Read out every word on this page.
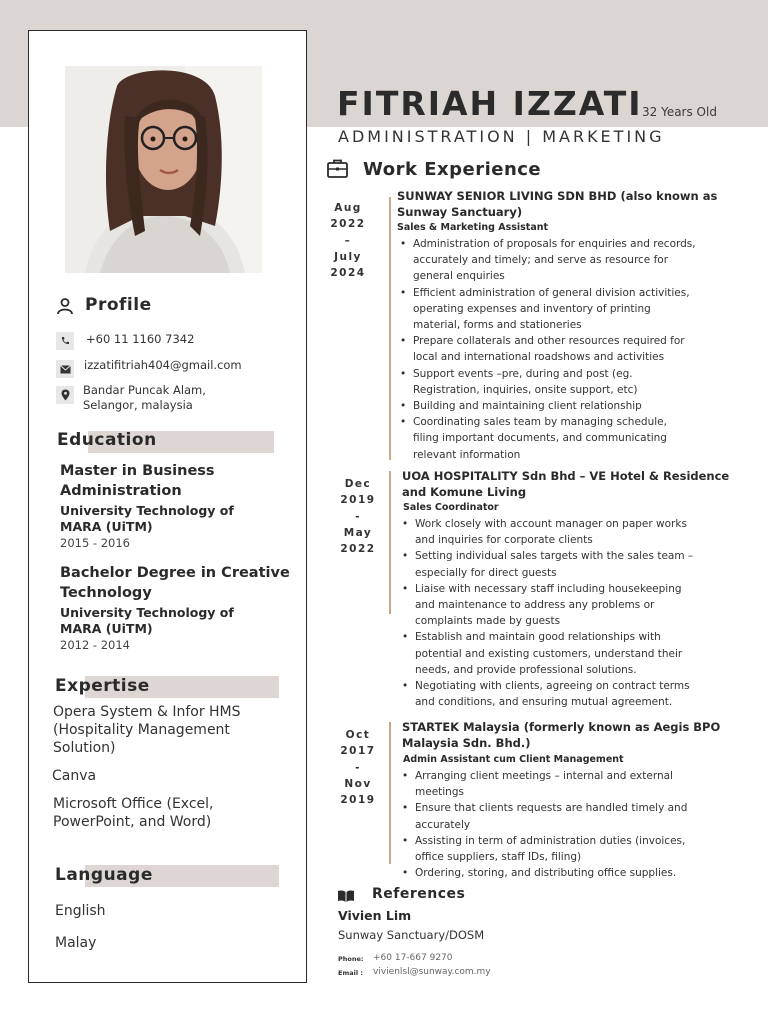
FITRIAH IZZATI 32 Years Old
ADMINISTRATION | MARKETING
Profile
+60 11 1160 7342
izzatifitriah404@gmail.com
Bandar Puncak Alam,
Selangor, malaysia
Education
Master in Business
Administration
University Technology of
MARA (UiTM)
2015 - 2016
Bachelor Degree in Creative
Technology
University Technology of
MARA (UiTM)
2012 - 2014
Expertise
Opera System & Infor HMS
(Hospitality Management
Solution)
Canva
Microsoft Office (Excel,
PowerPoint, and Word)
Language
English
Malay
Work Experience
Aug
2022
–
July
2024
SUNWAY SENIOR LIVING SDN BHD (also known as
Sunway Sanctuary)
Sales & Marketing Assistant
• Administration of proposals for enquiries and records,
accurately and timely; and serve as resource for
general enquiries
• Efficient administration of general division activities,
operating expenses and inventory of printing
material, forms and stationeries
• Prepare collaterals and other resources required for
local and international roadshows and activities
• Support events –pre, during and post (eg.
Registration, inquiries, onsite support, etc)
• Building and maintaining client relationship
• Coordinating sales team by managing schedule,
filing important documents, and communicating
relevant information
Dec
2019
-
May
2022
UOA HOSPITALITY Sdn Bhd – VE Hotel & Residence
and Komune Living
Sales Coordinator
• Work closely with account manager on paper works
and inquiries for corporate clients
• Setting individual sales targets with the sales team –
especially for direct guests
• Liaise with necessary staff including housekeeping
and maintenance to address any problems or
complaints made by guests
• Establish and maintain good relationships with
potential and existing customers, understand their
needs, and provide professional solutions.
• Negotiating with clients, agreeing on contract terms
and conditions, and ensuring mutual agreement.
Oct
2017
-
Nov
2019
STARTEK Malaysia (formerly known as Aegis BPO
Malaysia Sdn. Bhd.)
Admin Assistant cum Client Management
• Arranging client meetings – internal and external
meetings
• Ensure that clients requests are handled timely and
accurately
• Assisting in term of administration duties (invoices,
office suppliers, staff IDs, filing)
• Ordering, storing, and distributing office supplies.
References
Vivien Lim
Sunway Sanctuary/DOSM
Phone: +60 17-667 9270
Email : vivienlsl@sunway.com.my
